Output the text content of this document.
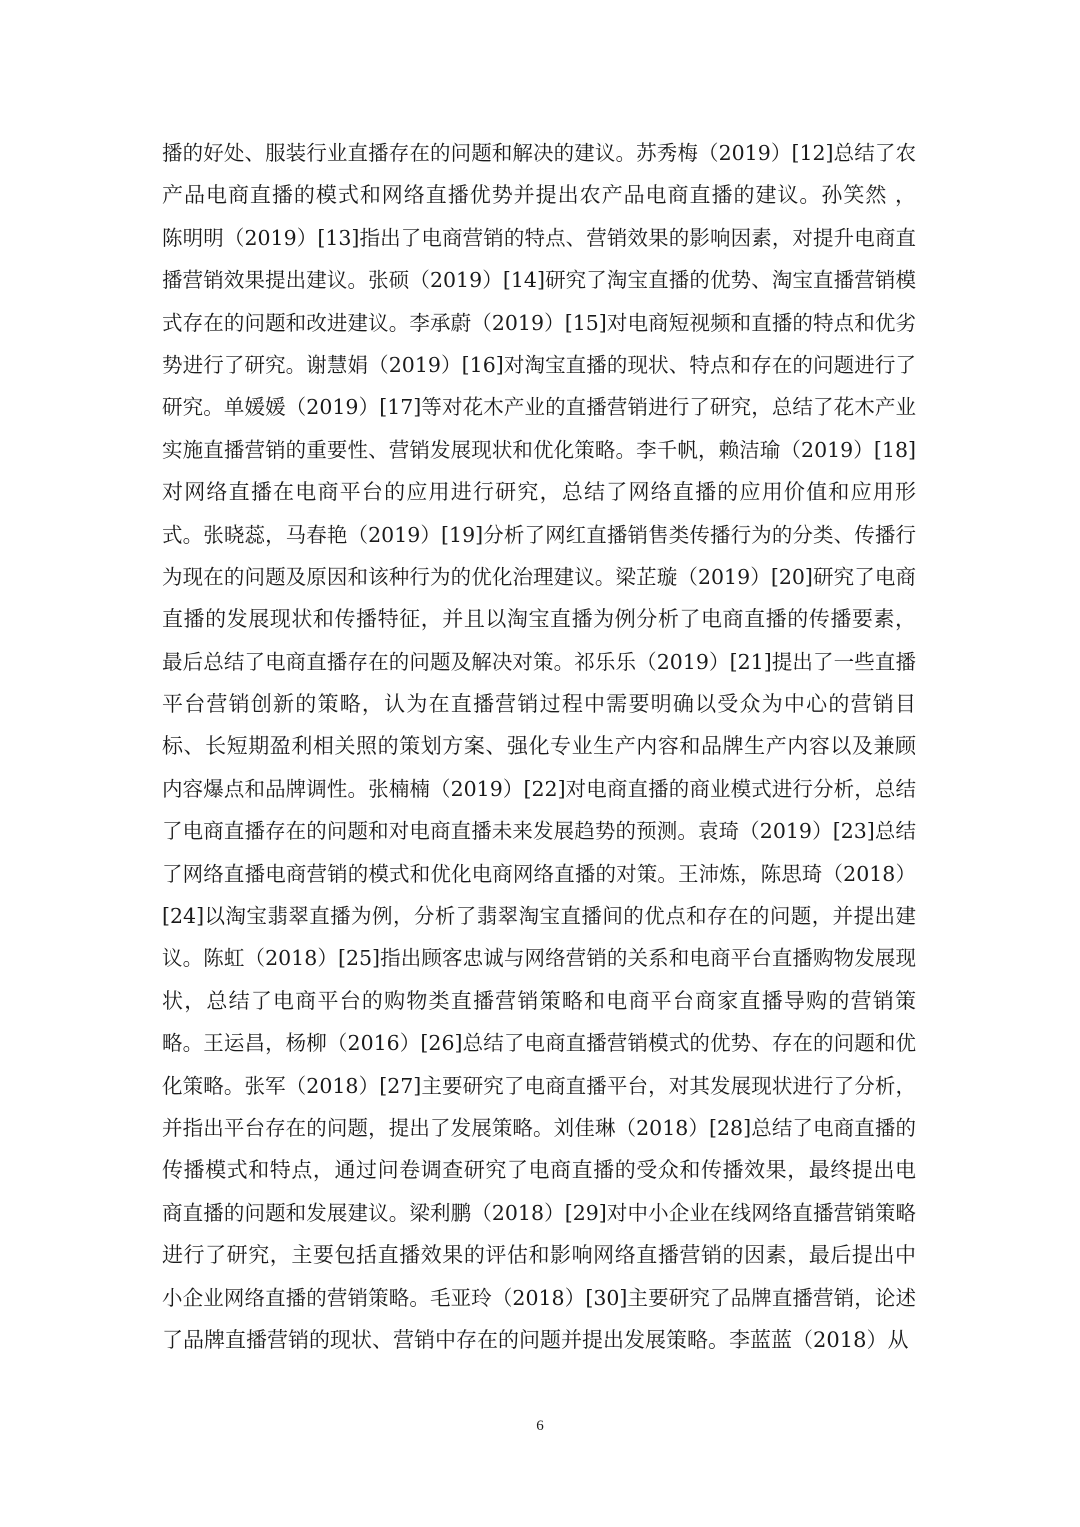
播的好处、服装行业直播存在的问题和解决的建议。苏秀梅（2019）[12]总结了农
产品电商直播的模式和网络直播优势并提出农产品电商直播的建议。孙笑然 ，
陈明明（2019）[13]指出了电商营销的特点、营销效果的影响因素，对提升电商直
播营销效果提出建议。张硕（2019）[14]研究了淘宝直播的优势、淘宝直播营销模
式存在的问题和改进建议。李承蔚（2019）[15]对电商短视频和直播的特点和优劣
势进行了研究。谢慧娟（2019）[16]对淘宝直播的现状、特点和存在的问题进行了
研究。单媛媛（2019）[17]等对花木产业的直播营销进行了研究，总结了花木产业
实施直播营销的重要性、营销发展现状和优化策略。李千帆，赖洁瑜（2019）[18]
对网络直播在电商平台的应用进行研究，总结了网络直播的应用价值和应用形
式。张晓蕊，马春艳（2019）[19]分析了网红直播销售类传播行为的分类、传播行
为现在的问题及原因和该种行为的优化治理建议。梁芷璇（2019）[20]研究了电商
直播的发展现状和传播特征，并且以淘宝直播为例分析了电商直播的传播要素，
最后总结了电商直播存在的问题及解决对策。祁乐乐（2019）[21]提出了一些直播
平台营销创新的策略，认为在直播营销过程中需要明确以受众为中心的营销目
标、长短期盈利相关照的策划方案、强化专业生产内容和品牌生产内容以及兼顾
内容爆点和品牌调性。张楠楠（2019）[22]对电商直播的商业模式进行分析，总结
了电商直播存在的问题和对电商直播未来发展趋势的预测。袁琦（2019）[23]总结
了网络直播电商营销的模式和优化电商网络直播的对策。王沛炼，陈思琦（2018）
[24]以淘宝翡翠直播为例，分析了翡翠淘宝直播间的优点和存在的问题，并提出建
议。陈虹（2018）[25]指出顾客忠诚与网络营销的关系和电商平台直播购物发展现
状，总结了电商平台的购物类直播营销策略和电商平台商家直播导购的营销策
略。王运昌，杨柳（2016）[26]总结了电商直播营销模式的优势、存在的问题和优
化策略。张军（2018）[27]主要研究了电商直播平台，对其发展现状进行了分析，
并指出平台存在的问题，提出了发展策略。刘佳琳（2018）[28]总结了电商直播的
传播模式和特点，通过问卷调查研究了电商直播的受众和传播效果，最终提出电
商直播的问题和发展建议。梁利鹏（2018）[29]对中小企业在线网络直播营销策略
进行了研究，主要包括直播效果的评估和影响网络直播营销的因素，最后提出中
小企业网络直播的营销策略。毛亚玲（2018）[30]主要研究了品牌直播营销，论述
了品牌直播营销的现状、营销中存在的问题并提出发展策略。李蓝蓝（2018）从
6
